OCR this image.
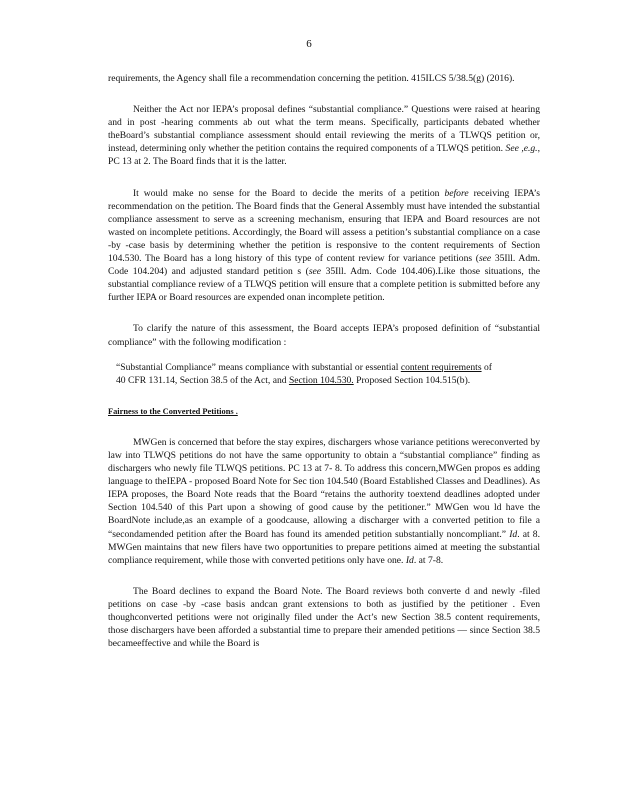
6

requirements, the Agency shall file a recommendation concerning the petition. 415ILCS 5/38.5(g) (2016).

Neither the Act nor IEPA’s proposal defines “substantial compliance.” Questions were raised at hearing and in post -hearing comments ab out what the term means. Specifically, participants debated whether theBoard’s substantial compliance assessment should entail reviewing the merits of a TLWQS petition or, instead, determining only whether the petition contains the required components of a TLWQS petition. See ,e.g., PC 13 at 2. The Board finds that it is the latter.

It would make no sense for the Board to decide the merits of a petition before receiving IEPA’s recommendation on the petition. The Board finds that the General Assembly must have intended the substantial compliance assessment to serve as a screening mechanism, ensuring that IEPA and Board resources are not wasted on incomplete petitions. Accordingly, the Board will assess a petition’s substantial compliance on a case -by -case basis by determining whether the petition is responsive to the content requirements of Section 104.530. The Board has a long history of this type of content review for variance petitions (see 35Ill. Adm. Code 104.204) and adjusted standard petition s (see 35Ill. Adm. Code 104.406).Like those situations, the substantial compliance review of a TLWQS petition will ensure that a complete petition is submitted before any further IEPA or Board resources are expended onan incomplete petition.

To clarify the nature of this assessment, the Board accepts IEPA’s proposed definition of “substantial compliance” with the following modification :

“Substantial Compliance” means compliance with substantial or essential content requirements of 40 CFR 131.14, Section 38.5 of the Act, and Section 104.530. Proposed Section 104.515(b).

Fairness to the Converted Petitions .

MWGen is concerned that before the stay expires, dischargers whose variance petitions wereconverted by law into TLWQS petitions do not have the same opportunity to obtain a “substantial compliance” finding as dischargers who newly file TLWQS petitions. PC 13 at 7- 8. To address this concern,MWGen propos es adding language to theIEPA - proposed Board Note for Sec tion 104.540 (Board Established Classes and Deadlines). As IEPA proposes, the Board Note reads that the Board “retains the authority toextend deadlines adopted under Section 104.540 of this Part upon a showing of good cause by the petitioner.” MWGen wou ld have the BoardNote include,as an example of a goodcause, allowing a discharger with a converted petition to file a “secondamended petition after the Board has found its amended petition substantially noncompliant.” Id. at 8. MWGen maintains that new filers have two opportunities to prepare petitions aimed at meeting the substantial compliance requirement, while those with converted petitions only have one. Id. at 7-8.

The Board declines to expand the Board Note. The Board reviews both converte d and newly -filed petitions on case -by -case basis andcan grant extensions to both as justified by the petitioner . Even thoughconverted petitions were not originally filed under the Act’s new Section 38.5 content requirements, those dischargers have been afforded a substantial time to prepare their amended petitions — since Section 38.5 becameeffective and while the Board is
